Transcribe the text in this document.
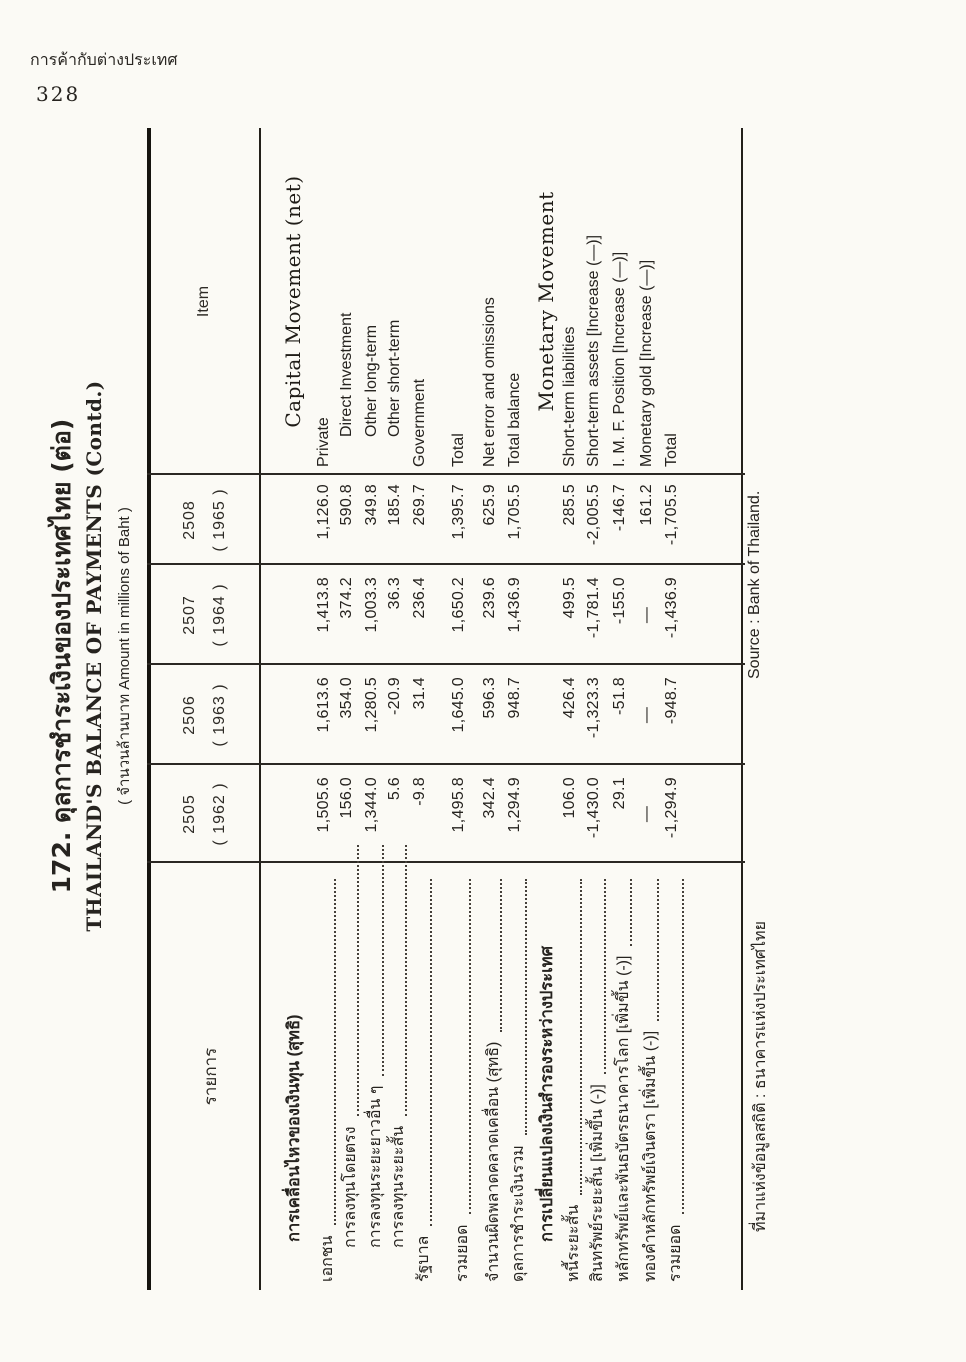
การค้ากับต่างประเทศ
328
172. ดุลการชำระเงินของประเทศไทย (ต่อ) THAILAND'S BALANCE OF PAYMENTS (Contd.) ( จำนวนล้านบาท Amount in millions of Baht )
รายการ
2505 ( 1962 )
2506 ( 1963 )
2507 ( 1964 )
2508 ( 1965 )
Item
การเคลื่อนไหวของเงินทุน (สุทธิ)
Capital Movement (net)
เอกชน
1,505.6
1,613.6
1,413.8
1,126.0
Private
การลงทุนโดยตรง
156.0
354.0
374.2
590.8
Direct Investment
การลงทุนระยะยาวอื่น ๆ
1,344.0
1,280.5
1,003.3
349.8
Other long-term
การลงทุนระยะสั้น
5.6
-20.9
36.3
185.4
Other short-term
รัฐบาล
-9.8
31.4
236.4
269.7
Government
รวมยอด
1,495.8
1,645.0
1,650.2
1,395.7
Total
จำนวนผิดพลาดคลาดเคลื่อน (สุทธิ)
342.4
596.3
239.6
625.9
Net error and omissions
ดุลการชำระเงินรวม
1,294.9
948.7
1,436.9
1,705.5
Total balance
การเปลี่ยนแปลงเงินสำรองระหว่างประเทศ
Monetary Movement
หนี้ระยะสั้น
106.0
426.4
499.5
285.5
Short-term liabilities
สินทรัพย์ระยะสั้น [เพิ่มขึ้น (-)]
-1,430.0
-1,323.3
-1,781.4
-2,005.5
Short-term assets [Increase (—)]
หลักทรัพย์และพันธบัตรธนาคารโลก [เพิ่มขึ้น (-)]
29.1
-51.8
-155.0
-146.7
I. M. F. Position [Increase (—)]
ทองคำหลักทรัพย์เงินตรา [เพิ่มขึ้น (-)]
—
—
—
161.2
Monetary gold [Increase (—)]
รวมยอด
-1,294.9
-948.7
-1,436.9
-1,705.5
Total
ที่มาแห่งข้อมูลสถิติ : ธนาคารแห่งประเทศไทย
Source : Bank of Thailand.
